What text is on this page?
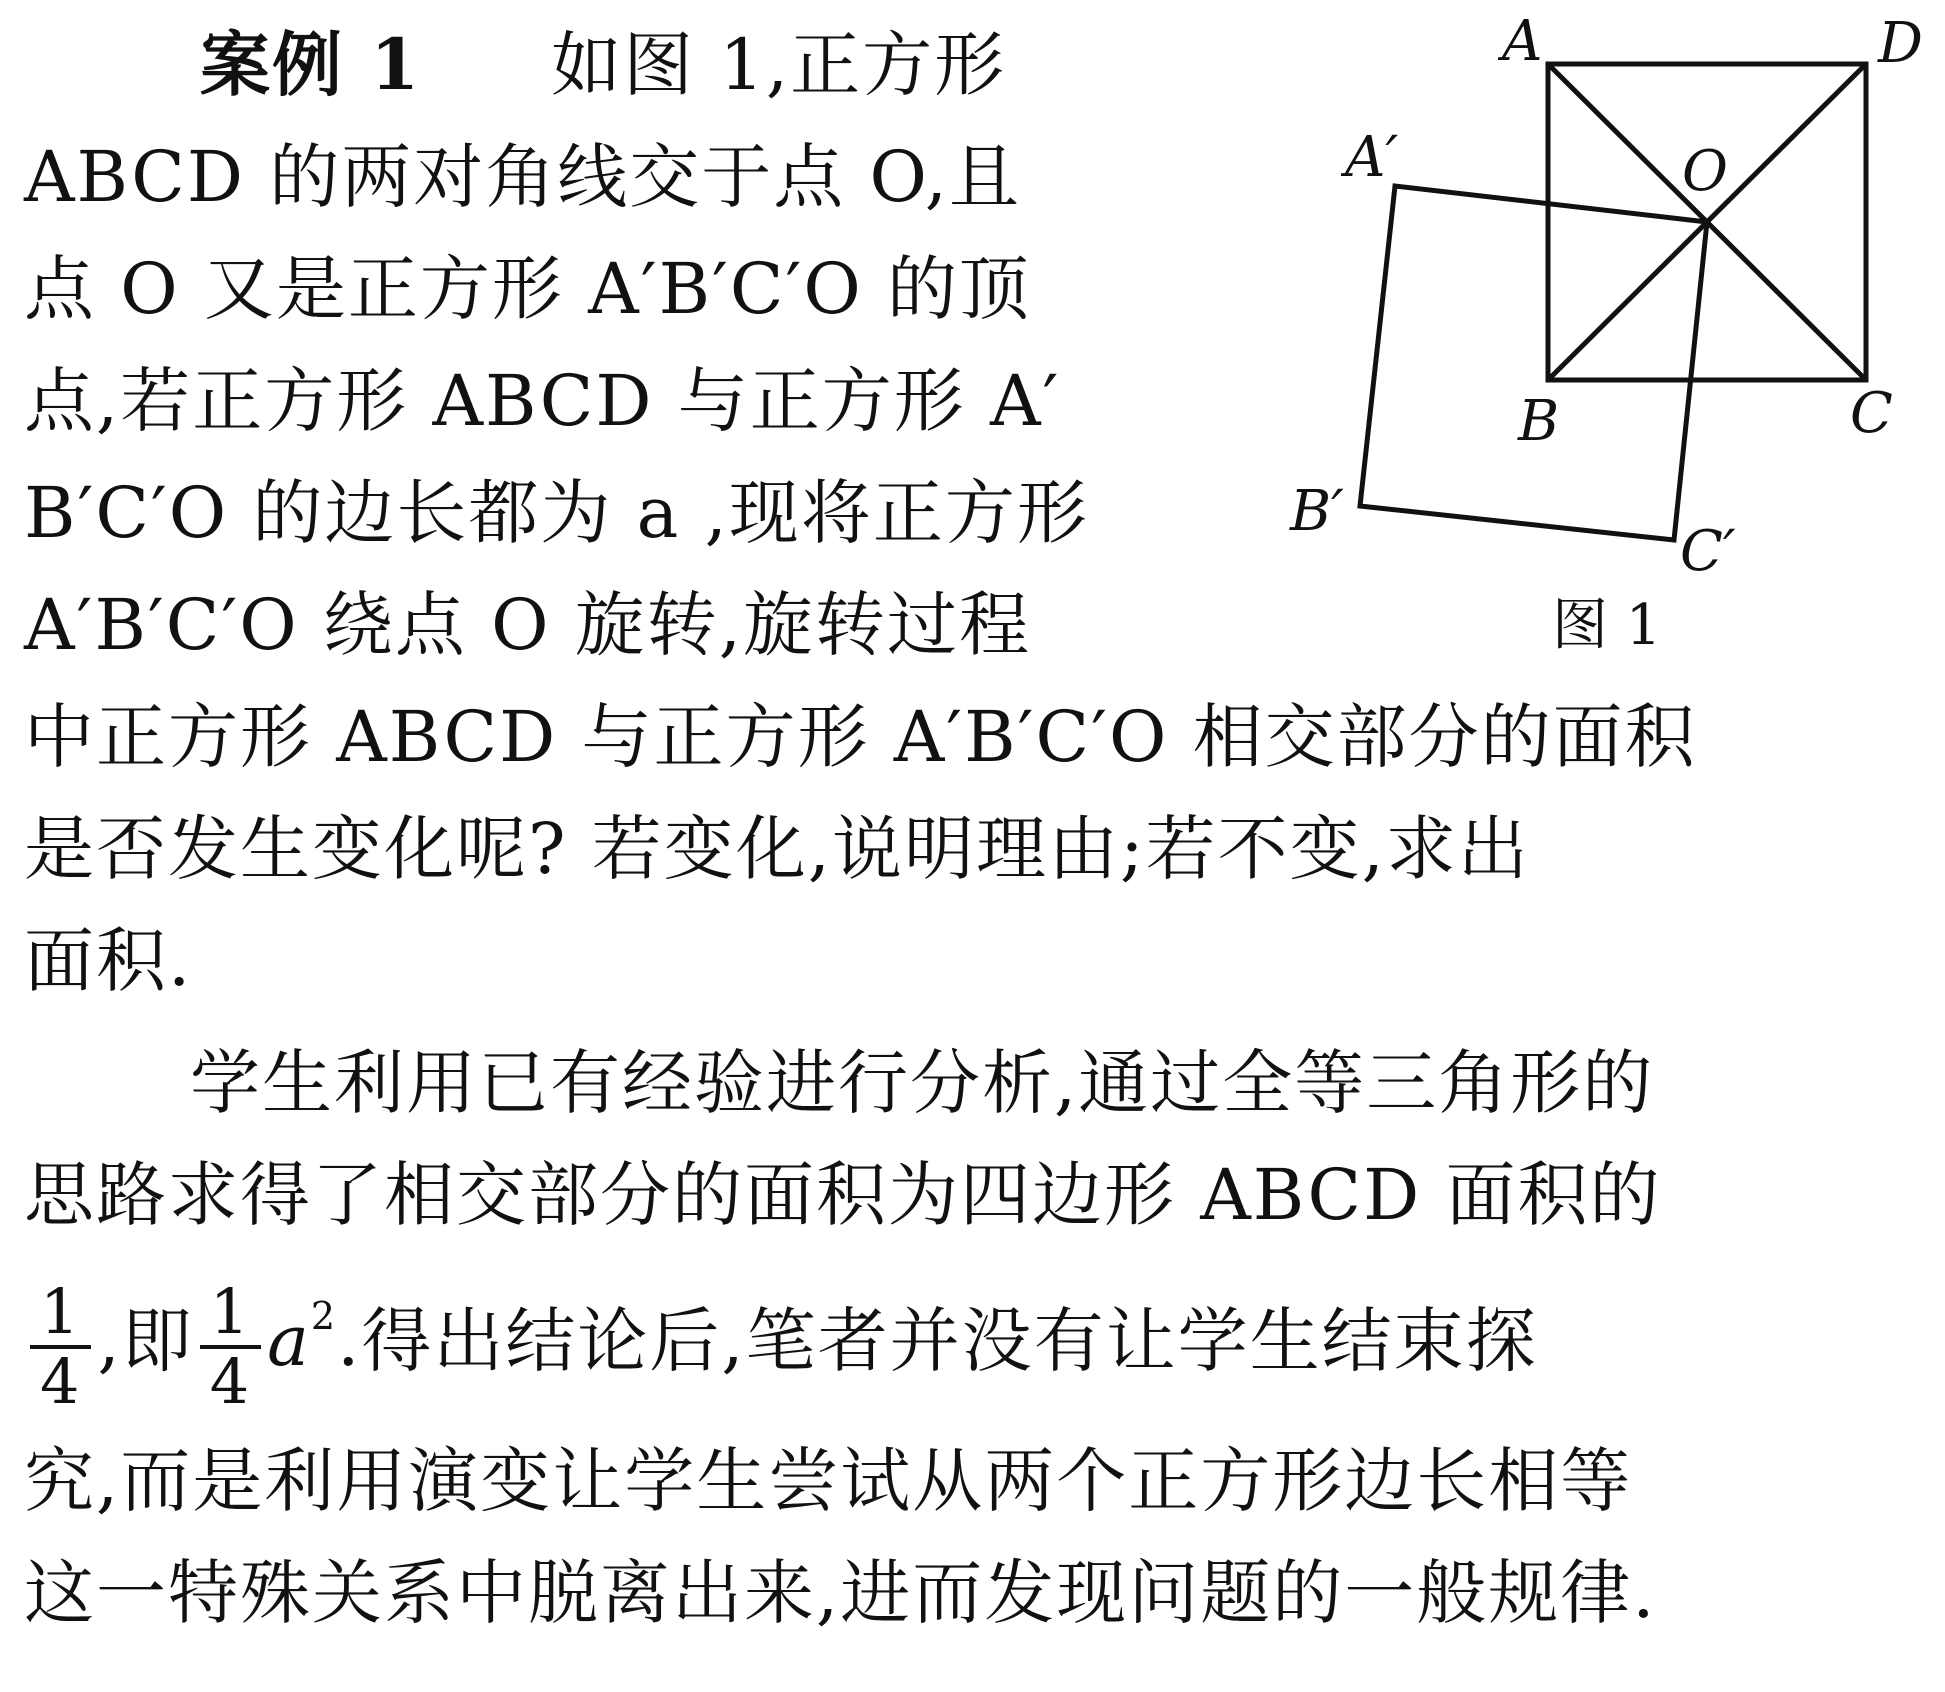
案例 1 如图 1,正方形
ABCD 的两对角线交于点 O,且
点 O 又是正方形 A′B′C′O 的顶
点,若正方形 ABCD 与正方形 A′
B′C′O 的边长都为 a ,现将正方形
A′B′C′O 绕点 O 旋转,旋转过程
中正方形 ABCD 与正方形 A′B′C′O 相交部分的面积
是否发生变化呢? 若变化,说明理由;若不变,求出
面积.
学生利用已有经验进行分析,通过全等三角形的
思路求得了相交部分的面积为四边形 ABCD 面积的
$\frac{1}{4}$ ,即 $\frac{1}{4} a^2$.得出结论后,笔者并没有让学生结束探
究,而是利用演变让学生尝试从两个正方形边长相等
这一特殊关系中脱离出来,进而发现问题的一般规律.
A	D
O
B	C
A′
B′
C′
图 1
